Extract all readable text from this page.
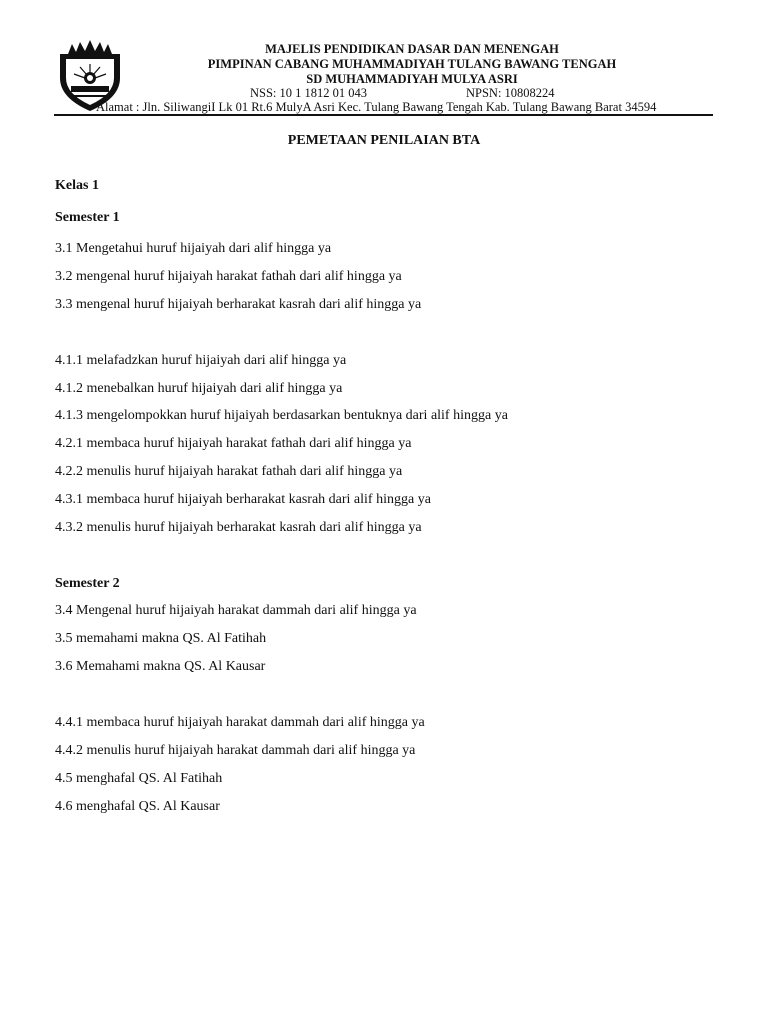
MAJELIS PENDIDIKAN DASAR DAN MENENGAH
PIMPINAN CABANG MUHAMMADIYAH TULANG BAWANG TENGAH
SD MUHAMMADIYAH MULYA ASRI
NSS: 10 1 1812 01 043	NPSN: 10808224
Alamat : Jln. SiliwangiI Lk 01 Rt.6 MulyA Asri Kec. Tulang Bawang Tengah Kab. Tulang Bawang Barat 34594
PEMETAAN PENILAIAN BTA
Kelas 1
Semester 1
3.1 Mengetahui huruf hijaiyah dari alif hingga ya
3.2 mengenal huruf hijaiyah harakat fathah dari alif hingga ya
3.3 mengenal huruf hijaiyah berharakat kasrah dari alif hingga ya
4.1.1 melafadzkan huruf hijaiyah dari alif hingga ya
4.1.2 menebalkan huruf hijaiyah dari alif hingga ya
4.1.3 mengelompokkan huruf hijaiyah berdasarkan bentuknya dari alif hingga ya
4.2.1 membaca huruf hijaiyah harakat fathah dari alif hingga ya
4.2.2 menulis huruf hijaiyah harakat fathah dari alif hingga ya
4.3.1 membaca huruf hijaiyah berharakat kasrah dari alif hingga ya
4.3.2 menulis huruf hijaiyah berharakat kasrah dari alif hingga ya
Semester 2
3.4 Mengenal huruf hijaiyah harakat dammah dari alif hingga ya
3.5 memahami makna QS. Al Fatihah
3.6 Memahami makna QS. Al Kausar
4.4.1 membaca huruf hijaiyah harakat dammah dari alif hingga ya
4.4.2 menulis huruf hijaiyah harakat dammah dari alif hingga ya
4.5 menghafal QS. Al Fatihah
4.6 menghafal QS. Al Kausar
